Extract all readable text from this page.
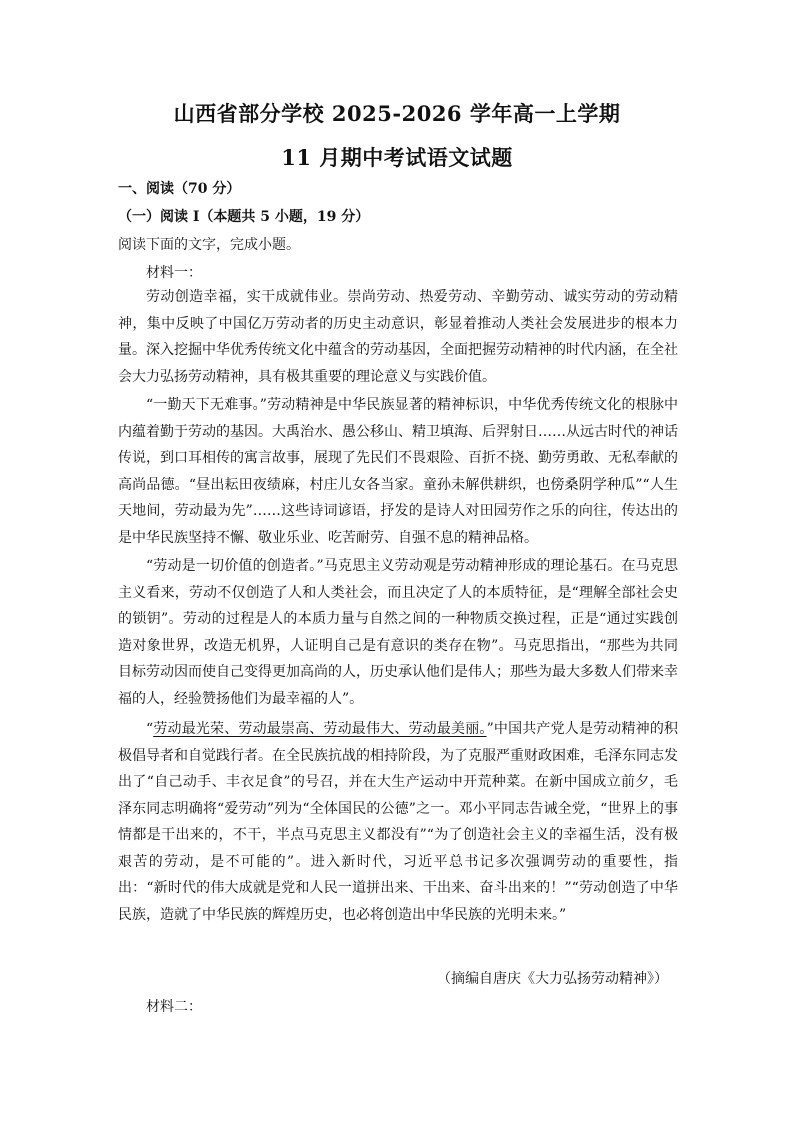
山西省部分学校 2025-2026 学年高一上学期
11 月期中考试语文试题
一、阅读（70 分）
（一）阅读 I（本题共 5 小题，19 分）
阅读下面的文字，完成小题。
材料一：

劳动创造幸福，实干成就伟业。崇尚劳动、热爱劳动、辛勤劳动、诚实劳动的劳动精神，集中反映了中国亿万劳动者的历史主动意识，彰显着推动人类社会发展进步的根本力量。深入挖掘中华优秀传统文化中蕴含的劳动基因，全面把握劳动精神的时代内涵，在全社会大力弘扬劳动精神，具有极其重要的理论意义与实践价值。

“一勤天下无难事。”劳动精神是中华民族显著的精神标识，中华优秀传统文化的根脉中内蕴着勤于劳动的基因。大禹治水、愚公移山、精卫填海、后羿射日……从远古时代的神话传说，到口耳相传的寓言故事，展现了先民们不畏艰险、百折不挠、勤劳勇敢、无私奉献的高尚品德。“昼出耘田夜绩麻，村庄儿女各当家。童孙未解供耕织，也傍桑阴学种瓜”“人生天地间，劳动最为先”……这些诗词谚语，抒发的是诗人对田园劳作之乐的向往，传达出的是中华民族坚持不懈、敬业乐业、吃苦耐劳、自强不息的精神品格。

“劳动是一切价值的创造者。”马克思主义劳动观是劳动精神形成的理论基石。在马克思主义看来，劳动不仅创造了人和人类社会，而且决定了人的本质特征，是“理解全部社会史的锁钥”。劳动的过程是人的本质力量与自然之间的一种物质交换过程，正是“通过实践创造对象世界，改造无机界，人证明自己是有意识的类存在物”。马克思指出，“那些为共同目标劳动因而使自己变得更加高尚的人，历史承认他们是伟人；那些为最大多数人们带来幸福的人，经验赞扬他们为最幸福的人”。

“劳动最光荣、劳动最崇高、劳动最伟大、劳动最美丽。”中国共产党人是劳动精神的积极倡导者和自觉践行者。在全民族抗战的相持阶段，为了克服严重财政困难，毛泽东同志发出了“自己动手、丰衣足食”的号召，并在大生产运动中开荒种菜。在新中国成立前夕，毛泽东同志明确将“爱劳动”列为“全体国民的公德”之一。邓小平同志告诫全党，“世界上的事情都是干出来的，不干，半点马克思主义都没有”“为了创造社会主义的幸福生活，没有极艰苦的劳动，是不可能的”。进入新时代，习近平总书记多次强调劳动的重要性，指出：“新时代的伟大成就是党和人民一道拼出来、干出来、奋斗出来的！”“劳动创造了中华民族，造就了中华民族的辉煌历史，也必将创造出中华民族的光明未来。”

（摘编自唐庆《大力弘扬劳动精神》）
材料二：
